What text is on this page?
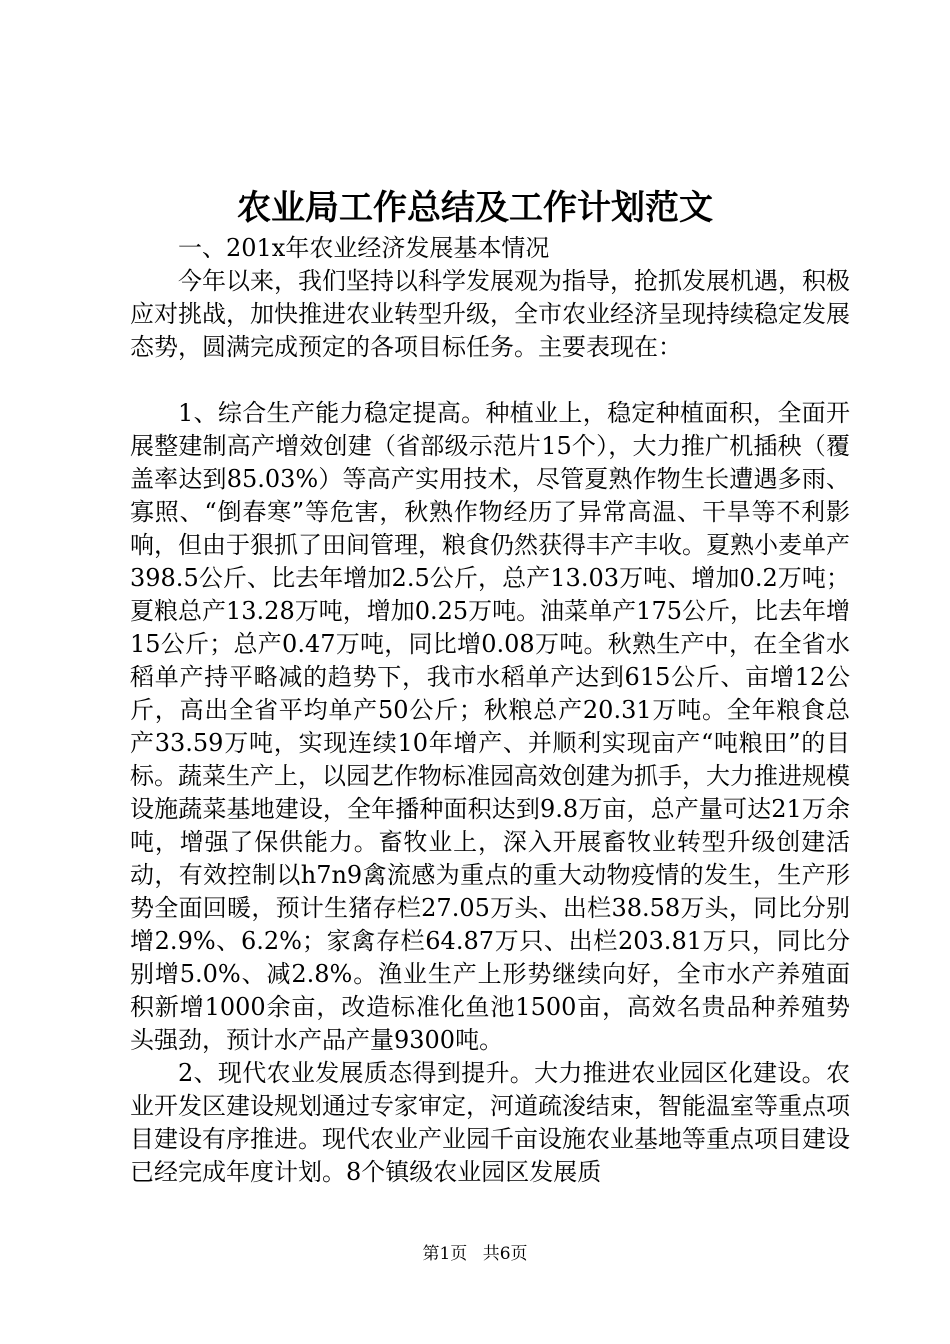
农业局工作总结及工作计划范文

一、201x年农业经济发展基本情况

今年以来，我们坚持以科学发展观为指导，抢抓发展机遇，积极应对挑战，加快推进农业转型升级，全市农业经济呈现持续稳定发展态势，圆满完成预定的各项目标任务。主要表现在：

1、综合生产能力稳定提高。种植业上，稳定种植面积，全面开展整建制高产增效创建（省部级示范片15个），大力推广机插秧（覆盖率达到85.03%）等高产实用技术，尽管夏熟作物生长遭遇多雨、寡照、“倒春寒”等危害，秋熟作物经历了异常高温、干旱等不利影响，但由于狠抓了田间管理，粮食仍然获得丰产丰收。夏熟小麦单产398.5公斤、比去年增加2.5公斤，总产13.03万吨、增加0.2万吨；夏粮总产13.28万吨，增加0.25万吨。油菜单产175公斤，比去年增15公斤；总产0.47万吨，同比增0.08万吨。秋熟生产中，在全省水稻单产持平略减的趋势下，我市水稻单产达到615公斤、亩增12公斤，高出全省平均单产50公斤；秋粮总产20.31万吨。全年粮食总产33.59万吨，实现连续10年增产、并顺利实现亩产“吨粮田”的目标。蔬菜生产上，以园艺作物标准园高效创建为抓手，大力推进规模设施蔬菜基地建设，全年播种面积达到9.8万亩，总产量可达21万余吨，增强了保供能力。畜牧业上，深入开展畜牧业转型升级创建活动，有效控制以h7n9禽流感为重点的重大动物疫情的发生，生产形势全面回暖，预计生猪存栏27.05万头、出栏38.58万头，同比分别增2.9%、6.2%；家禽存栏64.87万只、出栏203.81万只，同比分别增5.0%、减2.8%。渔业生产上形势继续向好，全市水产养殖面积新增1000余亩，改造标准化鱼池1500亩，高效名贵品种养殖势头强劲，预计水产品产量9300吨。

2、现代农业发展质态得到提升。大力推进农业园区化建设。农业开发区建设规划通过专家审定，河道疏浚结束，智能温室等重点项目建设有序推进。现代农业产业园千亩设施农业基地等重点项目建设已经完成年度计划。8个镇级农业园区发展质

第1页 共6页
